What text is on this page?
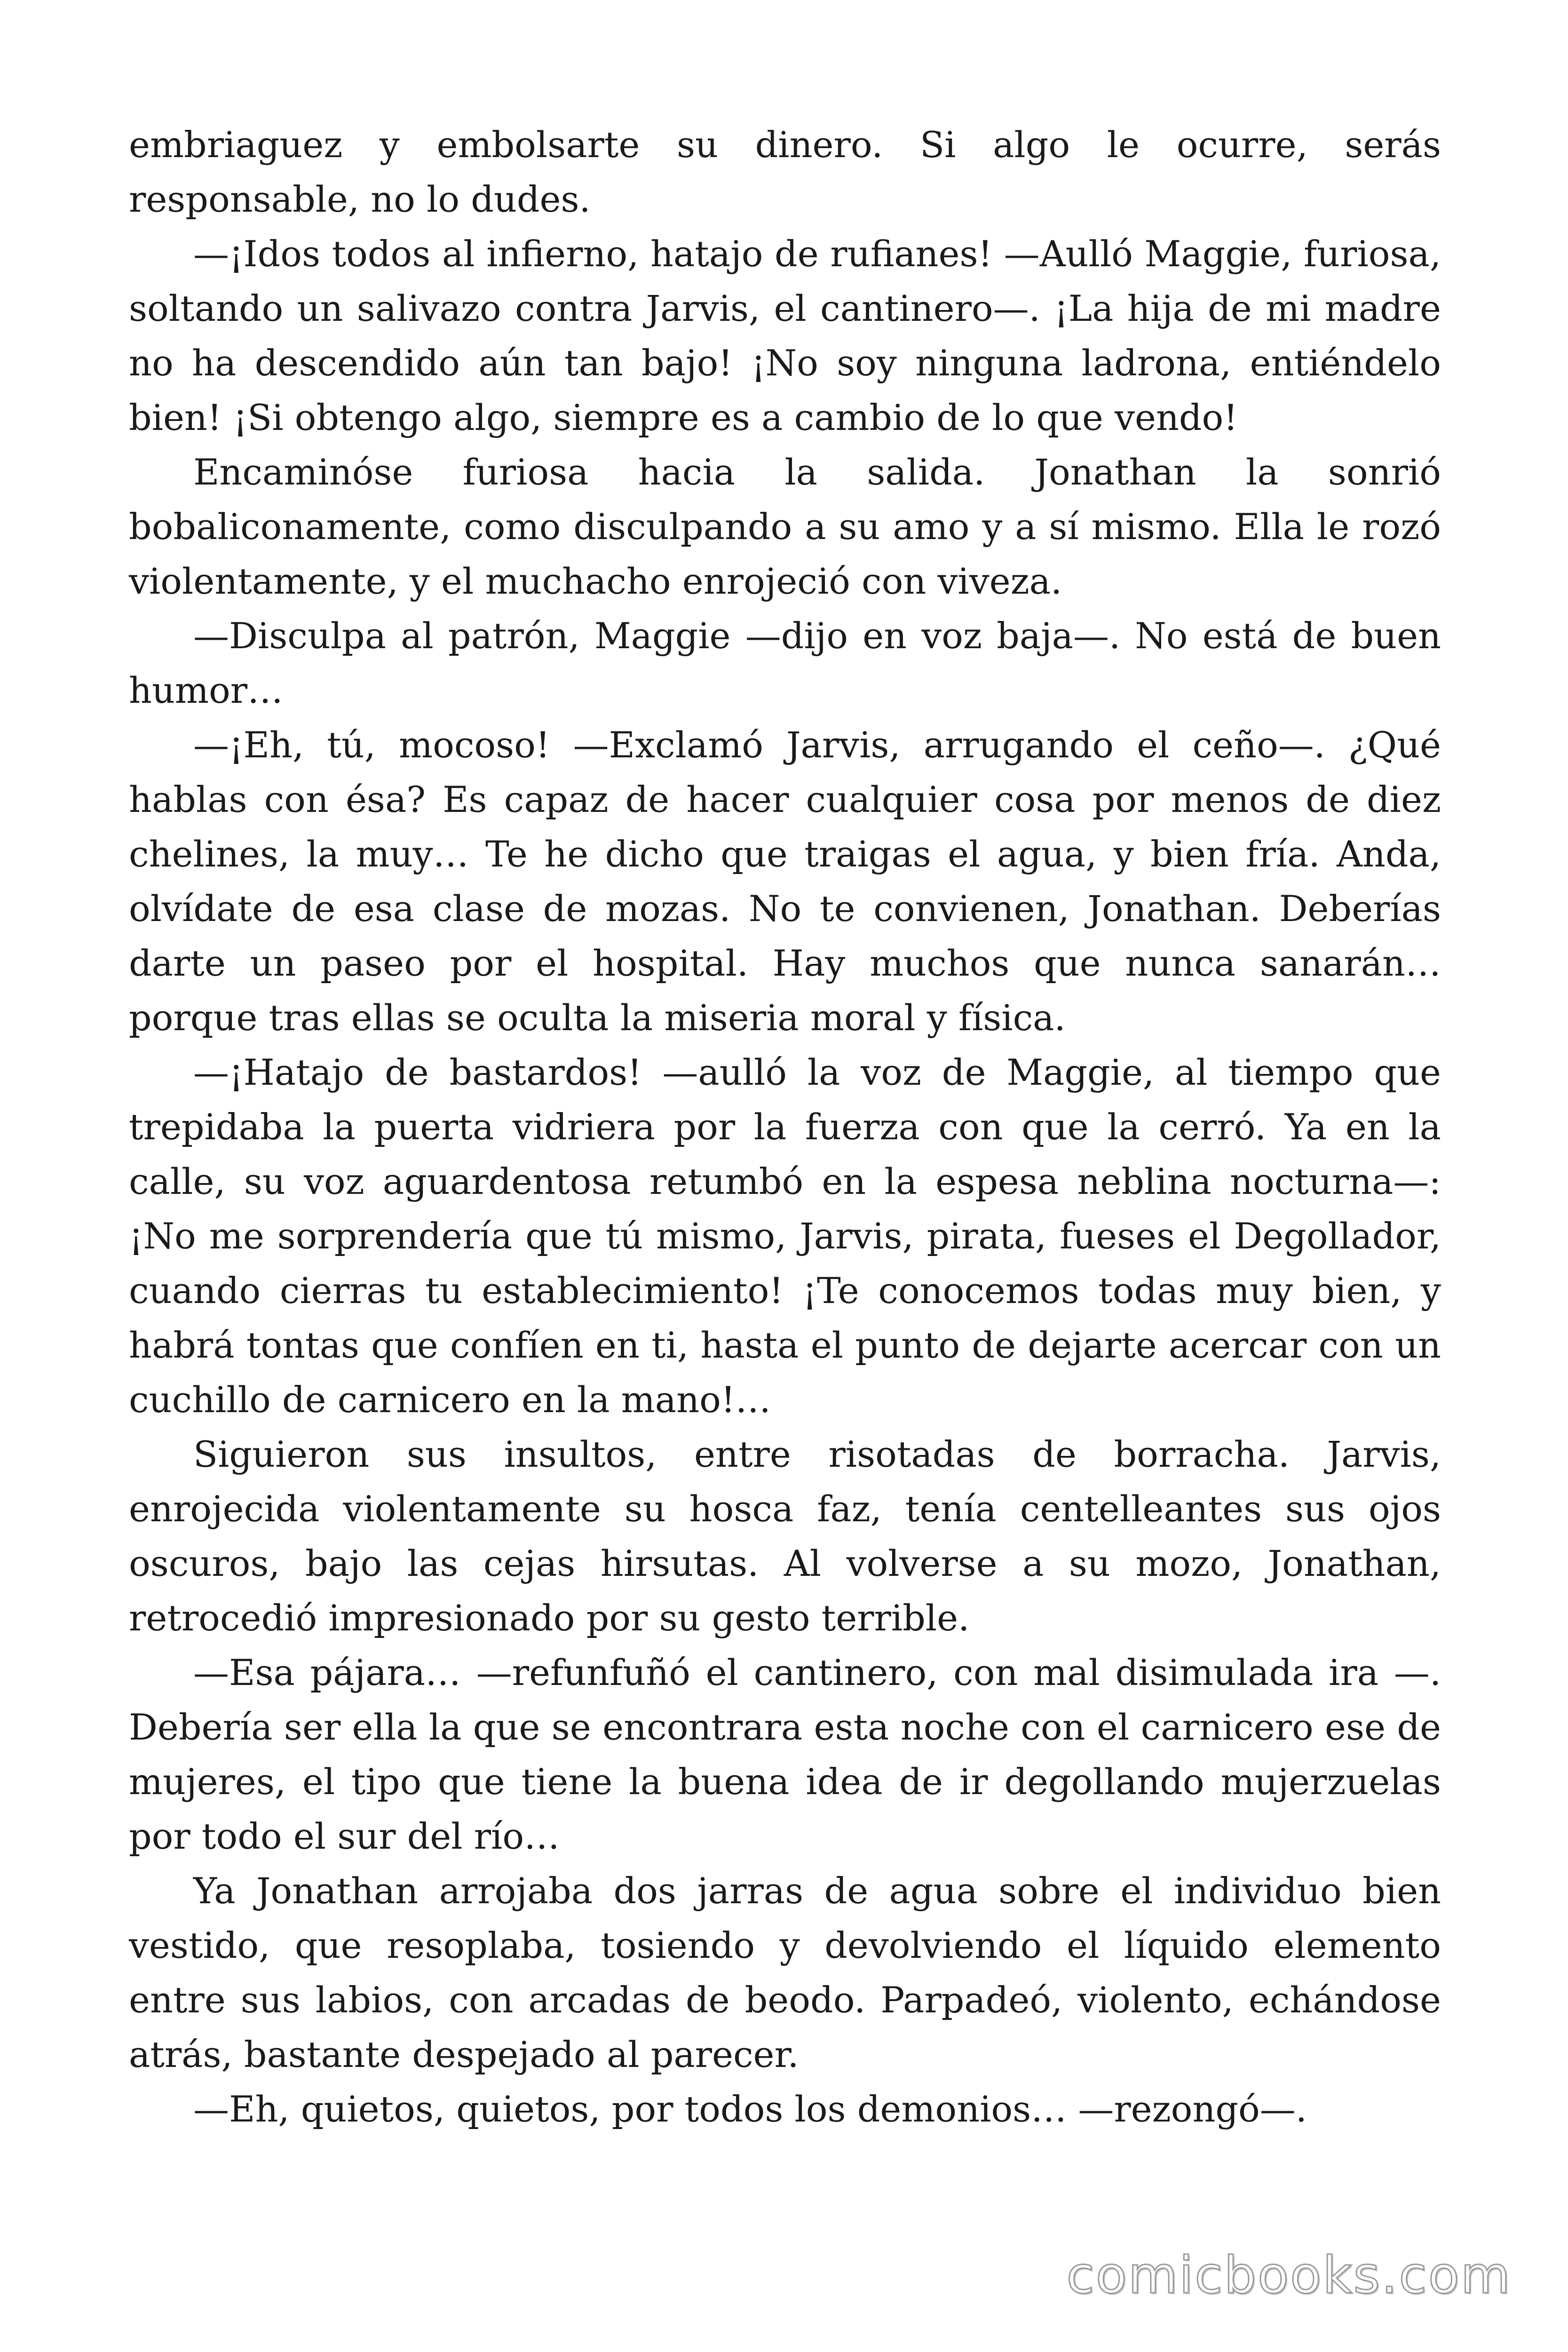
embriaguez y embolsarte su dinero. Si algo le ocurre, serás responsable, no lo dudes.

—¡Idos todos al infierno, hatajo de rufianes! —Aulló Maggie, furiosa, soltando un salivazo contra Jarvis, el cantinero—. ¡La hija de mi madre no ha descendido aún tan bajo! ¡No soy ninguna ladrona, entiéndelo bien! ¡Si obtengo algo, siempre es a cambio de lo que vendo!

Encaminóse furiosa hacia la salida. Jonathan la sonrió bobaliconamente, como disculpando a su amo y a sí mismo. Ella le rozó violentamente, y el muchacho enrojeció con viveza.

—Disculpa al patrón, Maggie —dijo en voz baja—. No está de buen humor…

—¡Eh, tú, mocoso! —Exclamó Jarvis, arrugando el ceño—. ¿Qué hablas con ésa? Es capaz de hacer cualquier cosa por menos de diez chelines, la muy… Te he dicho que traigas el agua, y bien fría. Anda, olvídate de esa clase de mozas. No te convienen, Jonathan. Deberías darte un paseo por el hospital. Hay muchos que nunca sanarán… porque tras ellas se oculta la miseria moral y física.

—¡Hatajo de bastardos! —aulló la voz de Maggie, al tiempo que trepidaba la puerta vidriera por la fuerza con que la cerró. Ya en la calle, su voz aguardentosa retumbó en la espesa neblina nocturna—: ¡No me sorprendería que tú mismo, Jarvis, pirata, fueses el Degollador, cuando cierras tu establecimiento! ¡Te conocemos todas muy bien, y habrá tontas que confíen en ti, hasta el punto de dejarte acercar con un cuchillo de carnicero en la mano!…

Siguieron sus insultos, entre risotadas de borracha. Jarvis, enrojecida violentamente su hosca faz, tenía centelleantes sus ojos oscuros, bajo las cejas hirsutas. Al volverse a su mozo, Jonathan, retrocedió impresionado por su gesto terrible.

—Esa pájara… —refunfuñó el cantinero, con mal disimulada ira —. Debería ser ella la que se encontrara esta noche con el carnicero ese de mujeres, el tipo que tiene la buena idea de ir degollando mujerzuelas por todo el sur del río…

Ya Jonathan arrojaba dos jarras de agua sobre el individuo bien vestido, que resoplaba, tosiendo y devolviendo el líquido elemento entre sus labios, con arcadas de beodo. Parpadeó, violento, echándose atrás, bastante despejado al parecer.

—Eh, quietos, quietos, por todos los demonios… —rezongó—.

comicbooks.com
